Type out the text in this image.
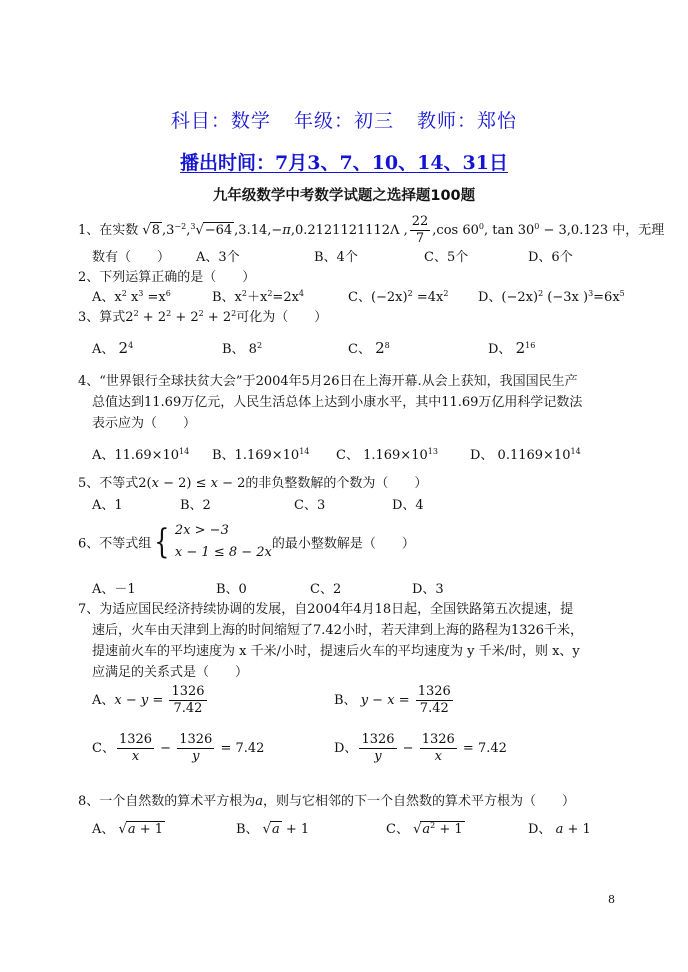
科目：数学 年级：初三 教师：郑怡
播出时间：7月3、7、10、14、31日
九年级数学中考数学试题之选择题100题
1、在实数 √8 $,3^{-2},^3√-64$ ,3.14,−π,0.2121121112Λ , $\frac{22}{7} ,\cos$ $60^0$, $\tan 30^0 - 3,0.123$ 中，无理
数有（　　） A、3个	B、4个	C、5个	D、6个
2、下列运算正确的是（　　）
A、$x^2$ $x^3 =x^6$	B、$x^2+x^2=2x^4$	C、$(-2x)^2 =4x^2$ D、$(-2x)^2$ (−3x )$^3=6x^5$
3、算式$2^2 + 2^2 + 2^2 + 2^2$可化为（　　）
A、 $2^4$	B、 $8^2$	C、 $2^8$	D、 $2^{16}$
4、“世界银行全球扶贫大会”于2004年5月26日在上海开幕.从会上获知，我国国民生产
总值达到11.69万亿元，人民生活总体上达到小康水平，其中11.69万亿用科学记数法
表示应为（　　）
A、$11.69\times 10^{14}$ B、$1.169\times 10^{14}$ C、 $1.169\times 10^{13}$ D、 $0.1169\times 10^{14}$
5、不等式2(x − 2) ≤ x − 2的非负整数解的个数为（　　）
A、1	B、2	C、3	D、4
6、不等式组{ 2x > −3
x − 1 ≤ 8 − 2x的最小整数解是（　　）
A、－1	B、0	C、2	D、3
7、为适应国民经济持续协调的发展，自2004年4月18日起，全国铁路第五次提速，提
速后，火车由天津到上海的时间缩短了7.42小时，若天津到上海的路程为1326千米，
提速前火车的平均速度为 x 千米/小时，提速后火车的平均速度为 y 千米/时，则 x、y
应满足的关系式是（　　）
A、$x - y = \frac{1326}{7.42}$	B、 $y - x = \frac{1326}{7.42}$
C、 $\frac{1326}{x} - \frac{1326}{y} = 7.42$	D、 $\frac{1326}{y} - \frac{1326}{x} = 7.42$
8、一个自然数的算术平方根为a，则与它相邻的下一个自然数的算术平方根为（　　）
A、 √a + 1	B、 √a + 1	C、 $√a^2 + 1$	D、 a + 1
8
